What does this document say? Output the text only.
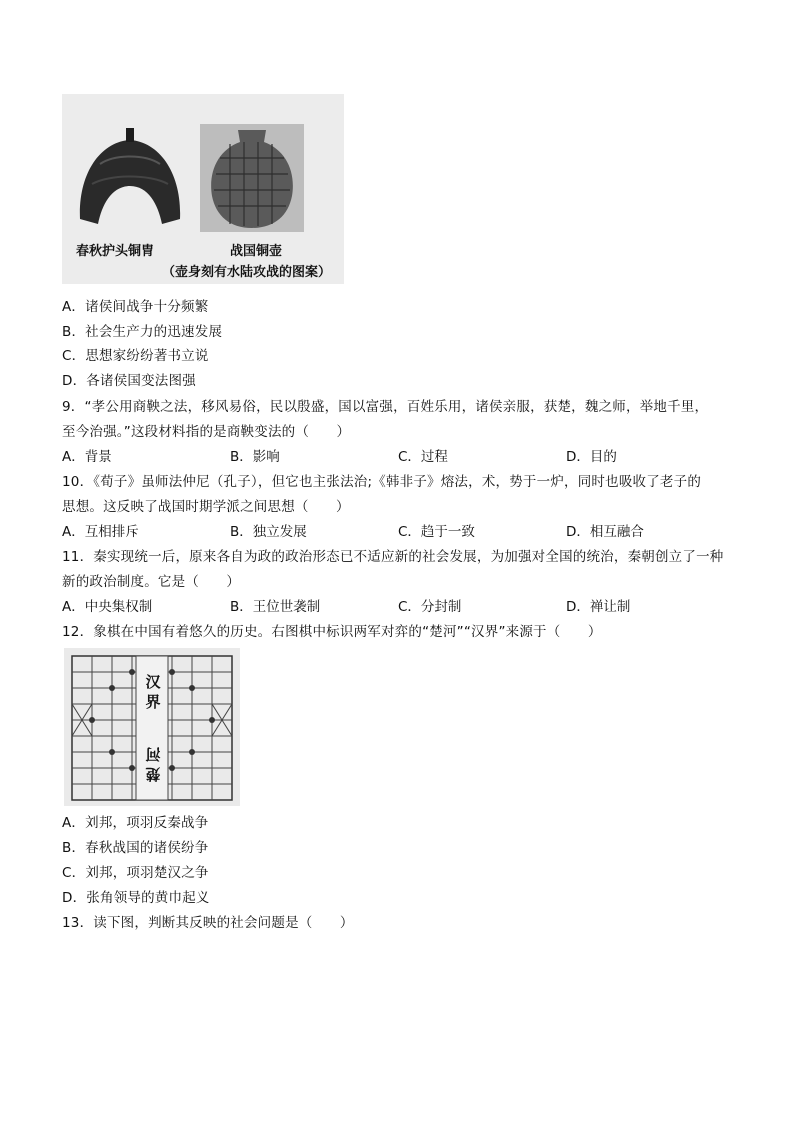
春秋护头铜胄	战国铜壶
（壶身刻有水陆攻战的图案）
A．诸侯间战争十分频繁
B．社会生产力的迅速发展
C．思想家纷纷著书立说
D．各诸侯国变法图强
9．“孝公用商鞅之法，移风易俗，民以殷盛，国以富强，百姓乐用，诸侯亲服，获楚，魏之师，举地千里，
至今治强。”这段材料指的是商鞅变法的（　　）
A．背景	B．影响	C．过程	D．目的
10．《荀子》虽师法仲尼（孔子），但它也主张法治;《韩非子》熔法，术，势于一炉，同时也吸收了老子的
思想。这反映了战国时期学派之间思想（　　）
A．互相排斥	B．独立发展	C．趋于一致	D．相互融合
11．秦实现统一后，原来各自为政的政治形态已不适应新的社会发展，为加强对全国的统治，秦朝创立了一种
新的政治制度。它是（　　）
A．中央集权制	B．王位世袭制	C．分封制	D．禅让制
12．象棋在中国有着悠久的历史。右图棋中标识两军对弈的“楚河”“汉界”来源于（　　）
汉界
楚河
A．刘邦，项羽反秦战争
B．春秋战国的诸侯纷争
C．刘邦，项羽楚汉之争
D．张角领导的黄巾起义
13．读下图，判断其反映的社会问题是（　　）
